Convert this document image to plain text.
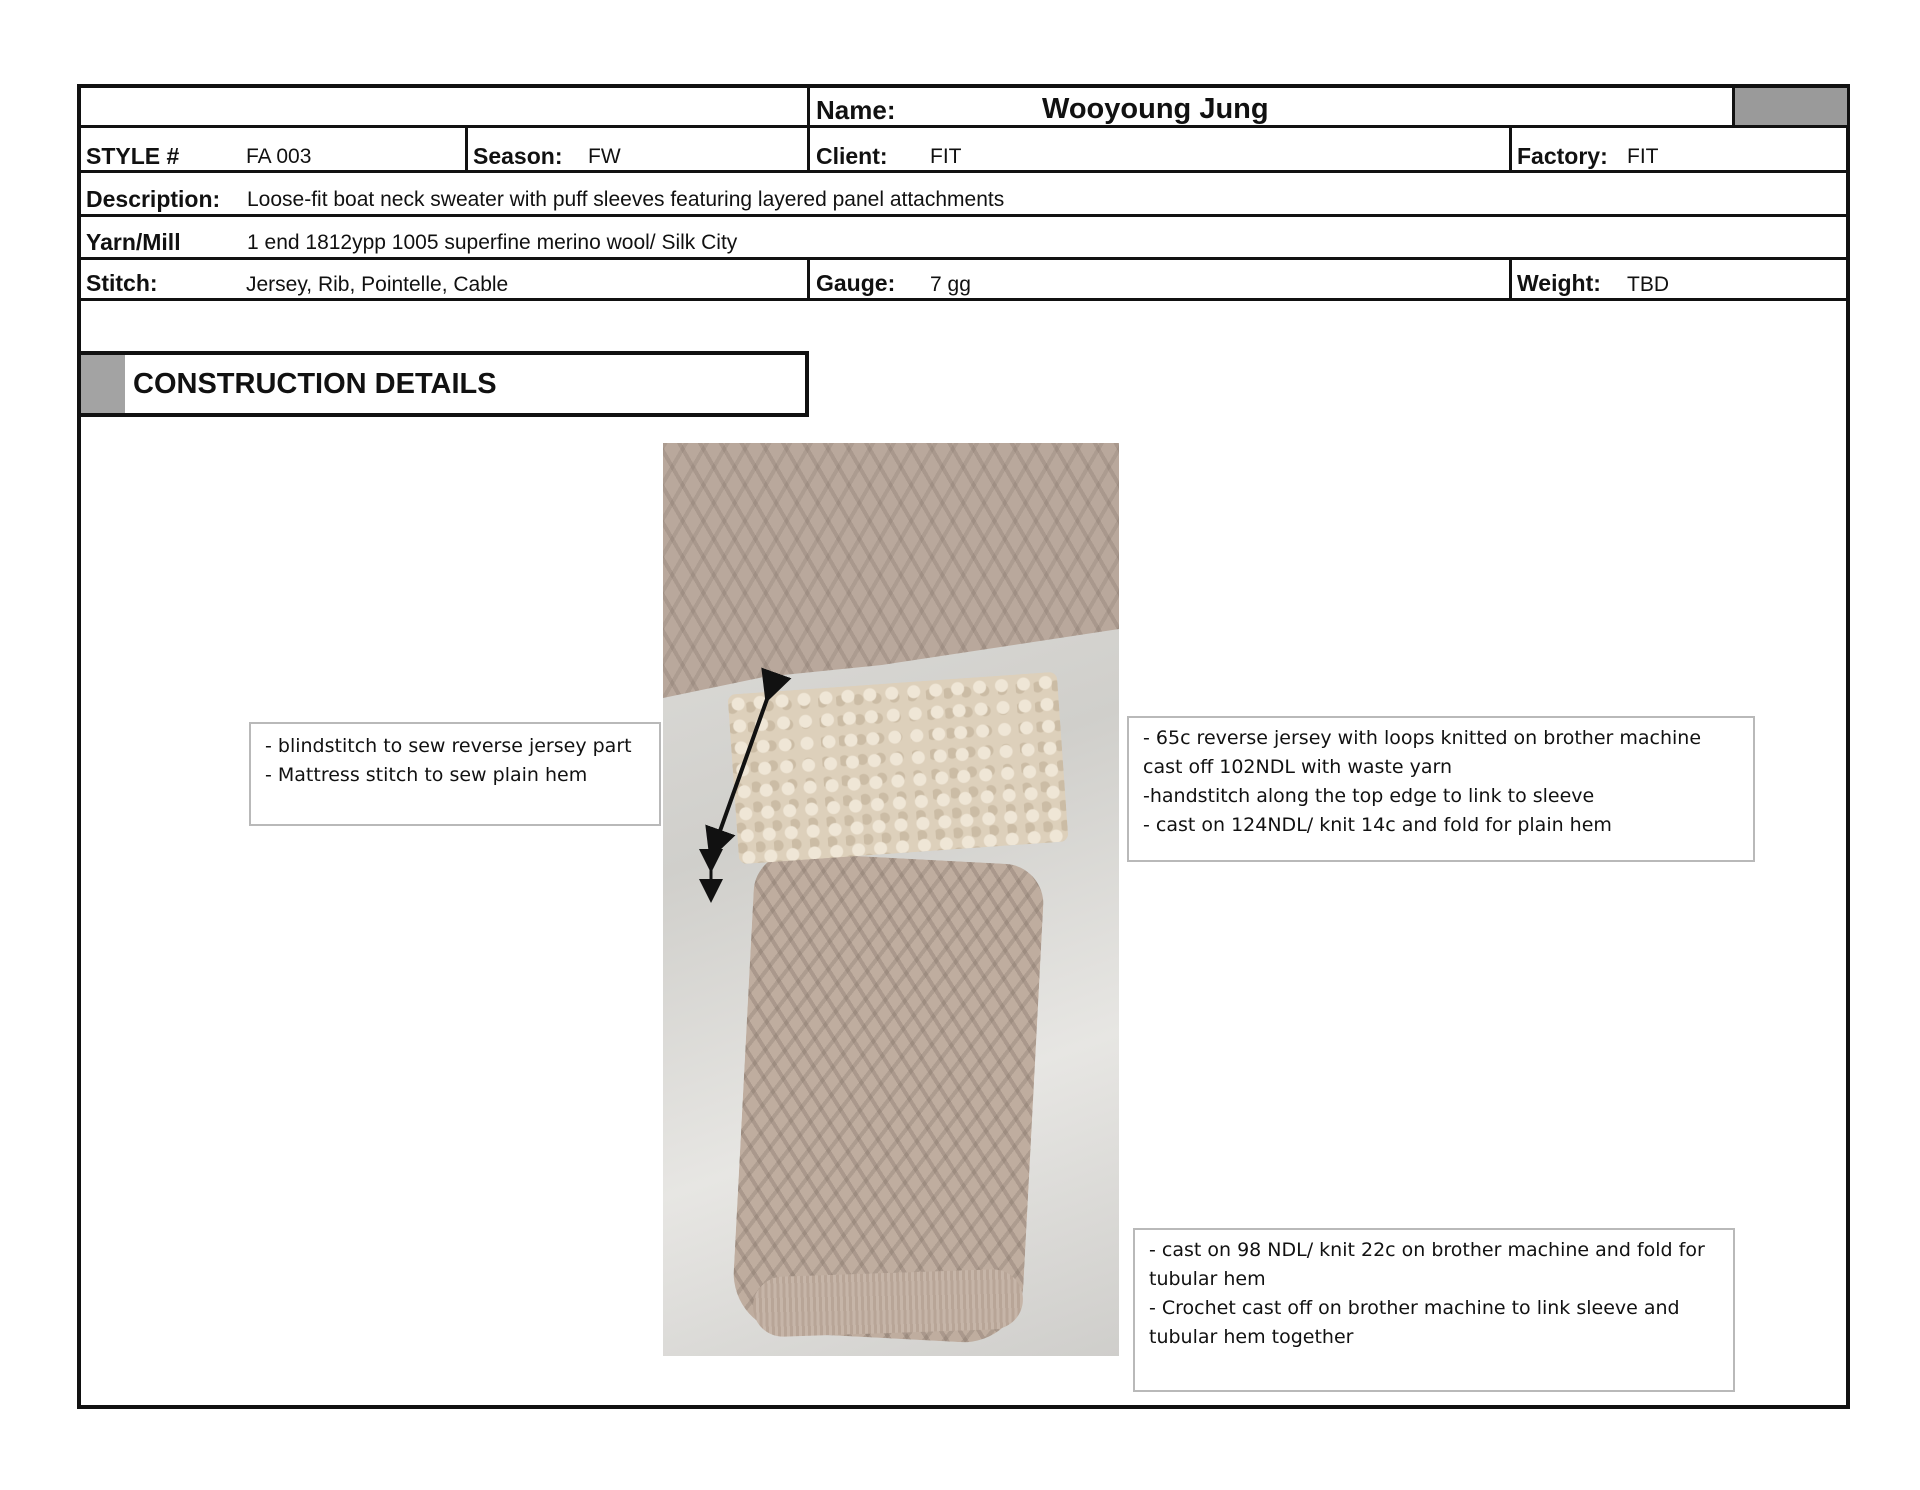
Name:	Wooyoung Jung
STYLE #	FA 003	Season: FW	Client: FIT	Factory: FIT
Description: Loose-fit boat neck sweater with puff sleeves featuring layered panel attachments
Yarn/Mill	1 end 1812ypp 1005 superfine merino wool/ Silk City
Stitch:	Jersey, Rib, Pointelle, Cable	Gauge: 7 gg	Weight: TBD
CONSTRUCTION DETAILS
- blindstitch to sew reverse jersey part
- Mattress stitch to sew plain hem
- 65c reverse jersey with loops knitted on brother machine
cast off 102NDL with waste yarn
-handstitch along the top edge to link to sleeve
- cast on 124NDL/ knit 14c and fold for plain hem
- cast on 98 NDL/ knit 22c on brother machine and fold for
tubular hem
- Crochet cast off on brother machine to link sleeve and
tubular hem together
